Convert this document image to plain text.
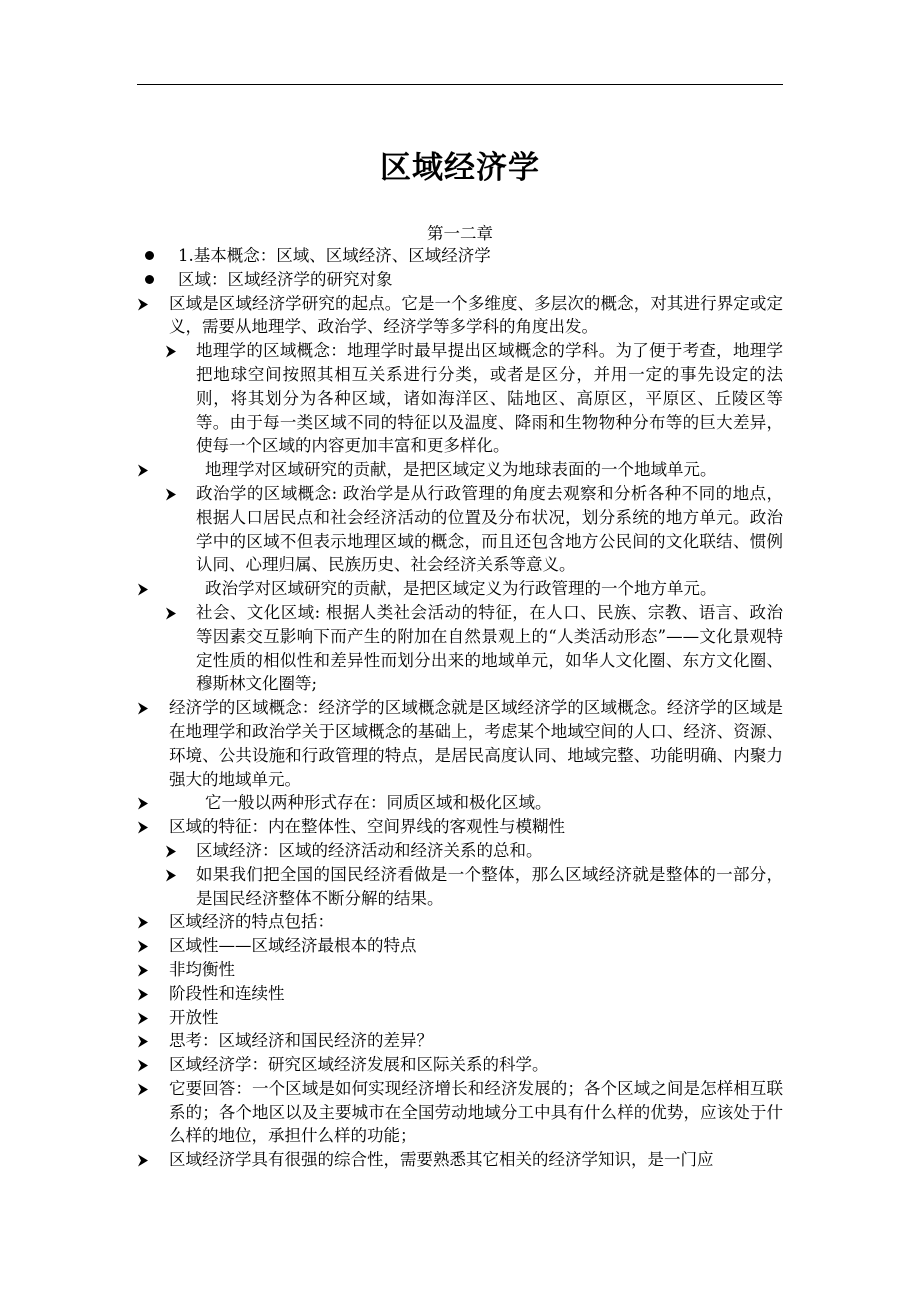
区域经济学
第一二章
1.基本概念：区域、区域经济、区域经济学
区域：区域经济学的研究对象
区域是区域经济学研究的起点。它是一个多维度、多层次的概念，对其进行界定或定义，需要从地理学、政治学、经济学等多学科的角度出发。
地理学的区域概念：地理学时最早提出区域概念的学科。为了便于考查，地理学把地球空间按照其相互关系进行分类，或者是区分，并用一定的事先设定的法则，将其划分为各种区域，诸如海洋区、陆地区、高原区，平原区、丘陵区等等。由于每一类区域不同的特征以及温度、降雨和生物物种分布等的巨大差异，使每一个区域的内容更加丰富和更多样化。
地理学对区域研究的贡献，是把区域定义为地球表面的一个地域单元。
政治学的区域概念: 政治学是从行政管理的角度去观察和分析各种不同的地点，根据人口居民点和社会经济活动的位置及分布状况，划分系统的地方单元。政治学中的区域不但表示地理区域的概念，而且还包含地方公民间的文化联结、惯例认同、心理归属、民族历史、社会经济关系等意义。
政治学对区域研究的贡献，是把区域定义为行政管理的一个地方单元。
社会、文化区域: 根据人类社会活动的特征，在人口、民族、宗教、语言、政治等因素交互影响下而产生的附加在自然景观上的“人类活动形态”——文化景观特定性质的相似性和差异性而划分出来的地域单元，如华人文化圈、东方文化圈、穆斯林文化圈等;
经济学的区域概念：经济学的区域概念就是区域经济学的区域概念。经济学的区域是在地理学和政治学关于区域概念的基础上，考虑某个地域空间的人口、经济、资源、环境、公共设施和行政管理的特点，是居民高度认同、地域完整、功能明确、内聚力强大的地域单元。
它一般以两种形式存在：同质区域和极化区域。
区域的特征：内在整体性、空间界线的客观性与模糊性
区域经济：区域的经济活动和经济关系的总和。
如果我们把全国的国民经济看做是一个整体，那么区域经济就是整体的一部分，是国民经济整体不断分解的结果。
区域经济的特点包括：
区域性——区域经济最根本的特点
非均衡性
阶段性和连续性
开放性
思考：区域经济和国民经济的差异？
区域经济学：研究区域经济发展和区际关系的科学。
它要回答：一个区域是如何实现经济增长和经济发展的；各个区域之间是怎样相互联系的；各个地区以及主要城市在全国劳动地域分工中具有什么样的优势，应该处于什么样的地位，承担什么样的功能；
区域经济学具有很强的综合性，需要熟悉其它相关的经济学知识，是一门应
